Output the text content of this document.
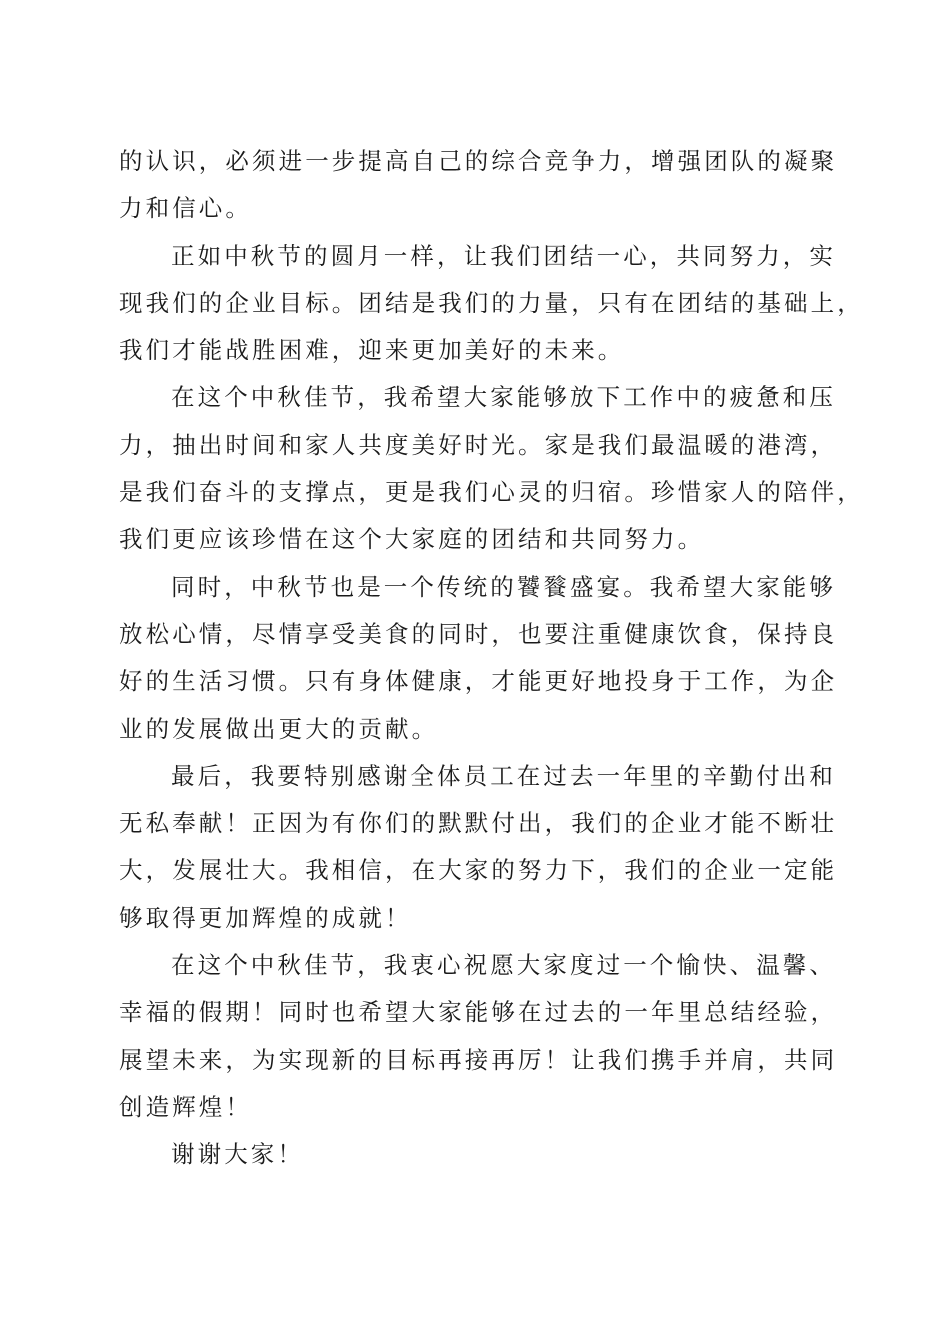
的认识，必须进一步提高自己的综合竞争力，增强团队的凝聚
力和信心。
正如中秋节的圆月一样，让我们团结一心，共同努力，实
现我们的企业目标。团结是我们的力量，只有在团结的基础上，
我们才能战胜困难，迎来更加美好的未来。
在这个中秋佳节，我希望大家能够放下工作中的疲惫和压
力，抽出时间和家人共度美好时光。家是我们最温暖的港湾，
是我们奋斗的支撑点，更是我们心灵的归宿。珍惜家人的陪伴，
我们更应该珍惜在这个大家庭的团结和共同努力。
同时，中秋节也是一个传统的饕餮盛宴。我希望大家能够
放松心情，尽情享受美食的同时，也要注重健康饮食，保持良
好的生活习惯。只有身体健康，才能更好地投身于工作，为企
业的发展做出更大的贡献。
最后，我要特别感谢全体员工在过去一年里的辛勤付出和
无私奉献！正因为有你们的默默付出，我们的企业才能不断壮
大，发展壮大。我相信，在大家的努力下，我们的企业一定能
够取得更加辉煌的成就！
在这个中秋佳节，我衷心祝愿大家度过一个愉快、温馨、
幸福的假期！同时也希望大家能够在过去的一年里总结经验，
展望未来，为实现新的目标再接再厉！让我们携手并肩，共同
创造辉煌！
谢谢大家！
